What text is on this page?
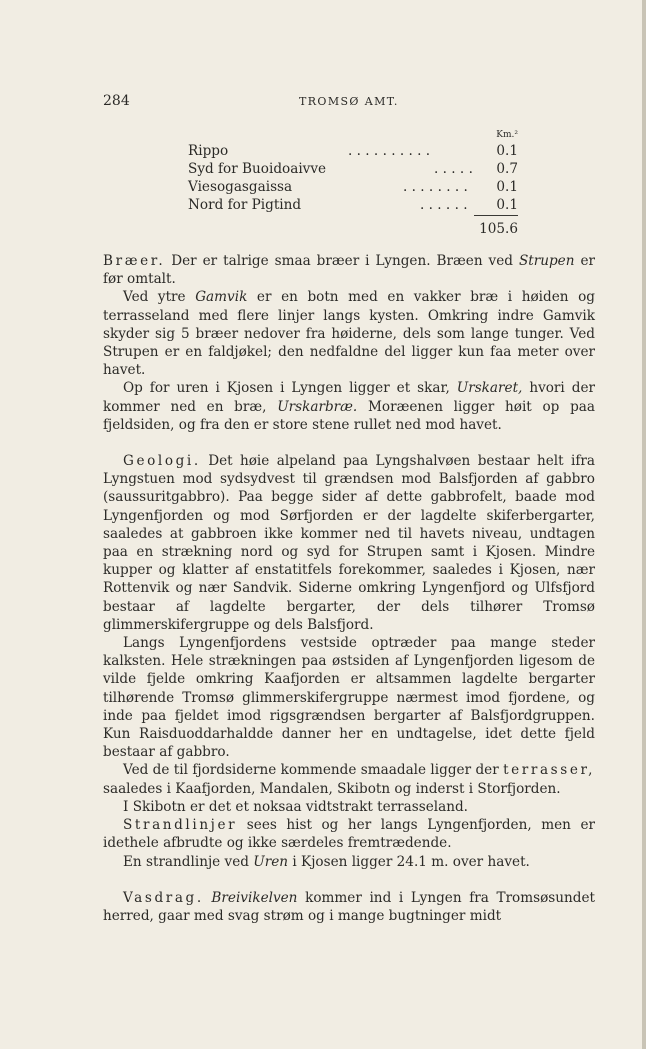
284	TROMSØ AMT.
Km.²
Rippo	. . . . . . . . . .	0.1
Syd for Buoidoaivve	. . . . . 0.7
Viesogasgaissa	. . . . . . . . 0.1
Nord for Pigtind	. . . . . . 0.1
105.6

Bræer. Der er talrige smaa bræer i Lyngen. Bræen ved Strupen er før omtalt.

Ved ytre Gamvik er en botn med en vakker bræ i høiden og terrasseland med flere linjer langs kysten. Omkring indre Gamvik skyder sig 5 bræer nedover fra høiderne, dels som lange tunger. Ved Strupen er en faldjøkel; den nedfaldne del ligger kun faa meter over havet.

Op for uren i Kjosen i Lyngen ligger et skar, Urskaret, hvori der kommer ned en bræ, Urskarbræ. Moræenen ligger høit op paa fjeldsiden, og fra den er store stene rullet ned mod havet.

Geologi. Det høie alpeland paa Lyngshalvøen bestaar helt ifra Lyngstuen mod sydsydvest til grændsen mod Balsfjorden af gabbro (saussuritgabbro). Paa begge sider af dette gabbrofelt, baade mod Lyngenfjorden og mod Sørfjorden er der lagdelte skiferbergarter, saaledes at gabbroen ikke kommer ned til havets niveau, undtagen paa en strækning nord og syd for Strupen samt i Kjosen. Mindre kupper og klatter af enstatitfels forekommer, saaledes i Kjosen, nær Rottenvik og nær Sandvik. Siderne omkring Lyngenfjord og Ulfsfjord bestaar af lagdelte bergarter, der dels tilhører Tromsø glimmerskifergruppe og dels Balsfjord.

Langs Lyngenfjordens vestside optræder paa mange steder kalksten. Hele strækningen paa østsiden af Lyngenfjorden ligesom de vilde fjelde omkring Kaafjorden er altsammen lagdelte bergarter tilhørende Tromsø glimmerskifergruppe nærmest imod fjordene, og inde paa fjeldet imod rigsgrændsen bergarter af Balsfjordgruppen. Kun Raisduoddarhaldde danner her en undtagelse, idet dette fjeld bestaar af gabbro.

Ved de til fjordsiderne kommende smaadale ligger der terrasser, saaledes i Kaafjorden, Mandalen, Skibotn og inderst i Storfjorden.

I Skibotn er det et noksaa vidtstrakt terrasseland.

Strandlinjer sees hist og her langs Lyngenfjorden, men er idethele afbrudte og ikke særdeles fremtrædende.

En strandlinje ved Uren i Kjosen ligger 24.1 m. over havet.

Vasdrag. Breivikelven kommer ind i Lyngen fra Tromsøsundet herred, gaar med svag strøm og i mange bugtninger midt
